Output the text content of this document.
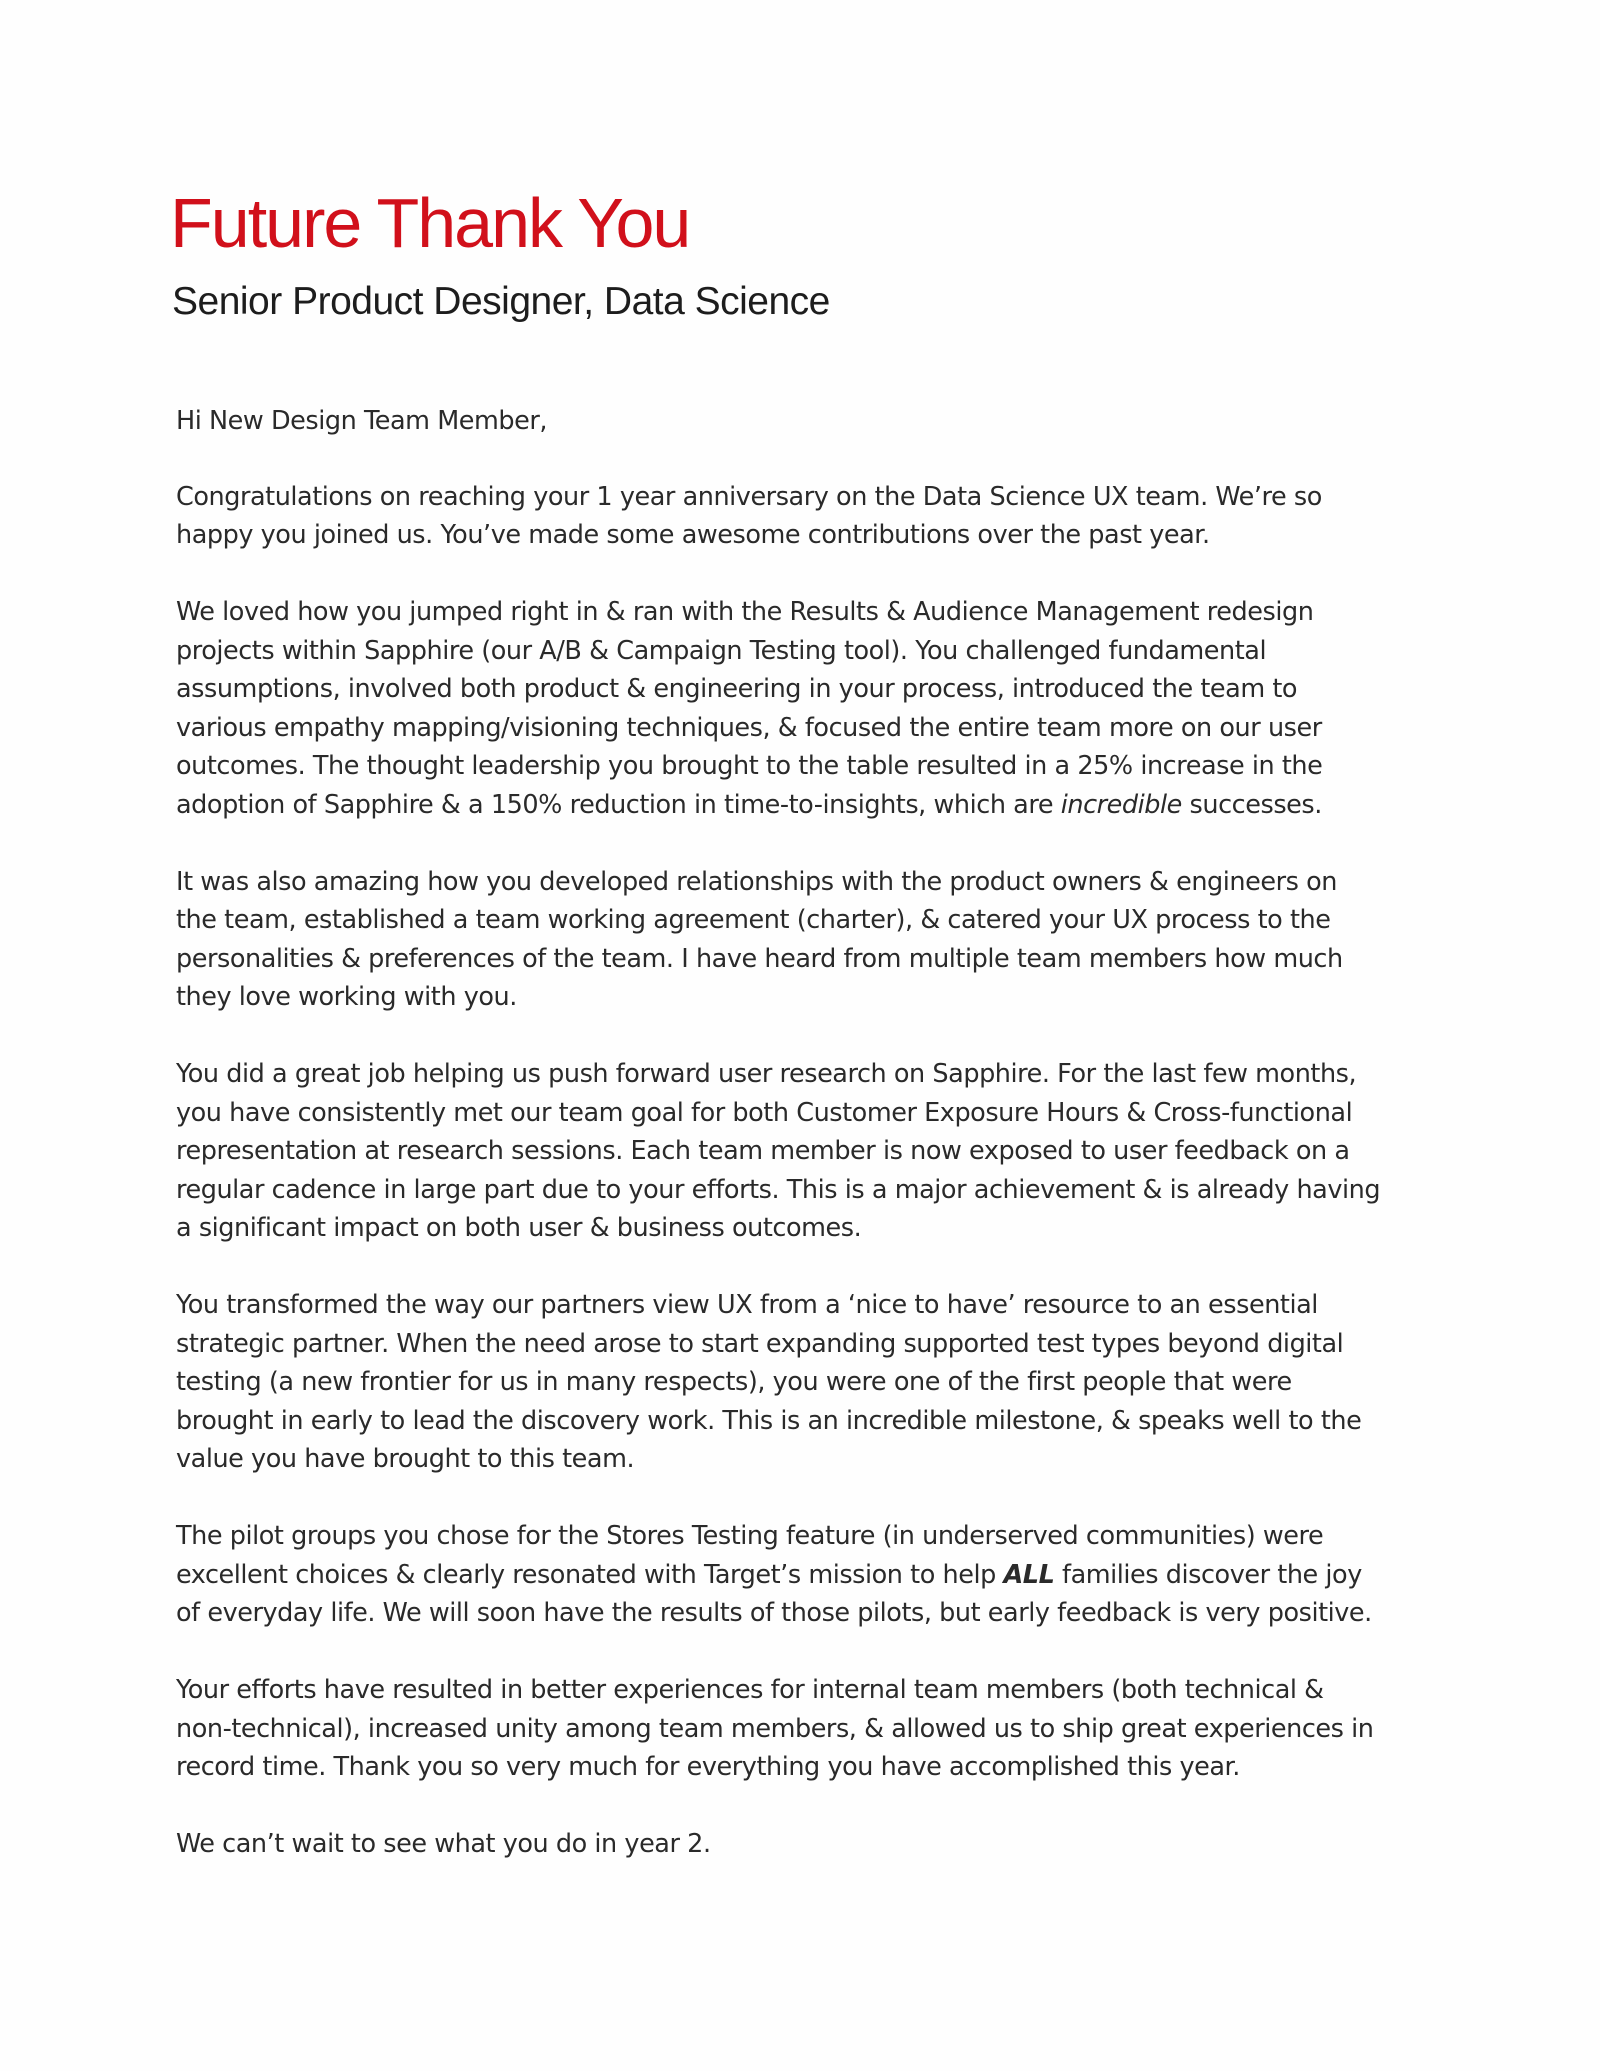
Future Thank You
Senior Product Designer, Data Science

Hi New Design Team Member,

Congratulations on reaching your 1 year anniversary on the Data Science UX team. We’re so
happy you joined us. You’ve made some awesome contributions over the past year.

We loved how you jumped right in & ran with the Results & Audience Management redesign
projects within Sapphire (our A/B & Campaign Testing tool). You challenged fundamental
assumptions, involved both product & engineering in your process, introduced the team to
various empathy mapping/visioning techniques, & focused the entire team more on our user
outcomes. The thought leadership you brought to the table resulted in a 25% increase in the
adoption of Sapphire & a 150% reduction in time-to-insights, which are incredible successes.

It was also amazing how you developed relationships with the product owners & engineers on
the team, established a team working agreement (charter), & catered your UX process to the
personalities & preferences of the team. I have heard from multiple team members how much
they love working with you.

You did a great job helping us push forward user research on Sapphire. For the last few months,
you have consistently met our team goal for both Customer Exposure Hours & Cross-functional
representation at research sessions. Each team member is now exposed to user feedback on a
regular cadence in large part due to your efforts. This is a major achievement & is already having
a significant impact on both user & business outcomes.

You transformed the way our partners view UX from a ‘nice to have’ resource to an essential
strategic partner. When the need arose to start expanding supported test types beyond digital
testing (a new frontier for us in many respects), you were one of the first people that were
brought in early to lead the discovery work. This is an incredible milestone, & speaks well to the
value you have brought to this team.

The pilot groups you chose for the Stores Testing feature (in underserved communities) were
excellent choices & clearly resonated with Target’s mission to help ALL families discover the joy
of everyday life. We will soon have the results of those pilots, but early feedback is very positive.

Your efforts have resulted in better experiences for internal team members (both technical &
non-technical), increased unity among team members, & allowed us to ship great experiences in
record time. Thank you so very much for everything you have accomplished this year.

We can’t wait to see what you do in year 2.
